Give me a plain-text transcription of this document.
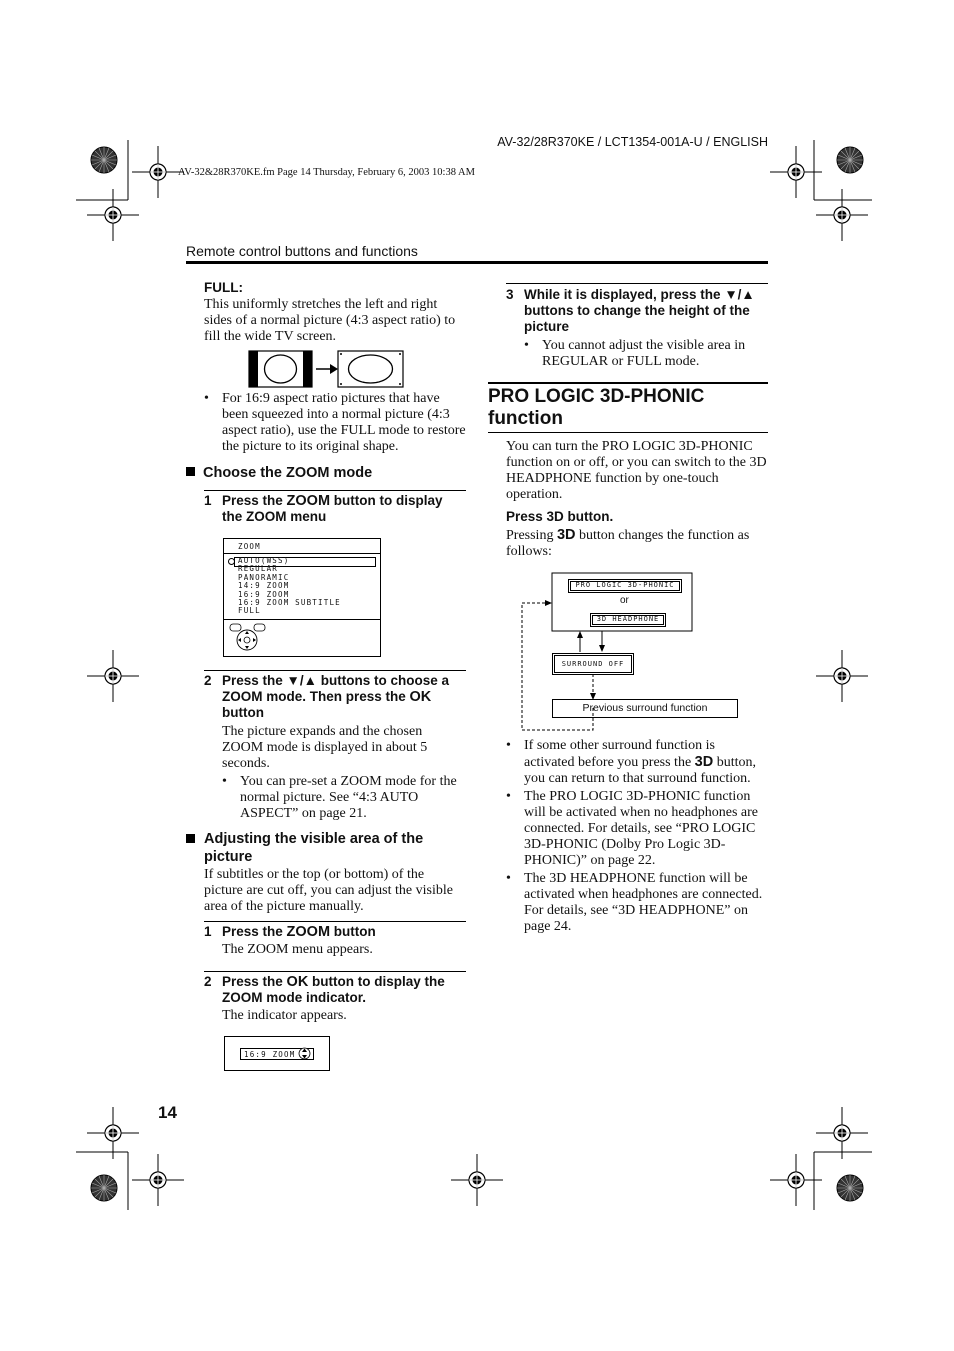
AV-32/28R370KE / LCT1354-001A-U / ENGLISH
AV-32&28R370KE.fm Page 14 Thursday, February 6, 2003 10:38 AM
Remote control buttons and functions
FULL:
This uniformly stretches the left and right sides of a normal picture (4:3 aspect ratio) to fill the wide TV screen.
• For 16:9 aspect ratio pictures that have been squeezed into a normal picture (4:3 aspect ratio), use the FULL mode to restore the picture to its original shape.
Choose the ZOOM mode
1 Press the ZOOM button to display the ZOOM menu
ZOOM
AUTO(WSS)
REGULAR
PANORAMIC
14:9 ZOOM
16:9 ZOOM
16:9 ZOOM SUBTITLE
FULL
2 Press the ▼/▲ buttons to choose a ZOOM mode. Then press the OK button
The picture expands and the chosen ZOOM mode is displayed in about 5 seconds.
• You can pre-set a ZOOM mode for the normal picture. See “4:3 AUTO ASPECT” on page 21.
Adjusting the visible area of the picture
If subtitles or the top (or bottom) of the picture are cut off, you can adjust the visible area of the picture manually.
1 Press the ZOOM button
The ZOOM menu appears.
2 Press the OK button to display the ZOOM mode indicator.
The indicator appears.
16:9 ZOOM
14
3 While it is displayed, press the ▼/▲ buttons to change the height of the picture
• You cannot adjust the visible area in REGULAR or FULL mode.
PRO LOGIC 3D-PHONIC function
You can turn the PRO LOGIC 3D-PHONIC function on or off, or you can switch to the 3D HEADPHONE function by one-touch operation.
Press 3D button.
Pressing 3D button changes the function as follows:
PRO LOGIC 3D-PHONIC
or
3D HEADPHONE
SURROUND OFF
Previous surround function
• If some other surround function is activated before you press the 3D button, you can return to that surround function.
• The PRO LOGIC 3D-PHONIC function will be activated when no headphones are connected. For details, see “PRO LOGIC 3D-PHONIC (Dolby Pro Logic 3D-PHONIC)” on page 22.
• The 3D HEADPHONE function will be activated when headphones are connected. For details, see “3D HEADPHONE” on page 24.
